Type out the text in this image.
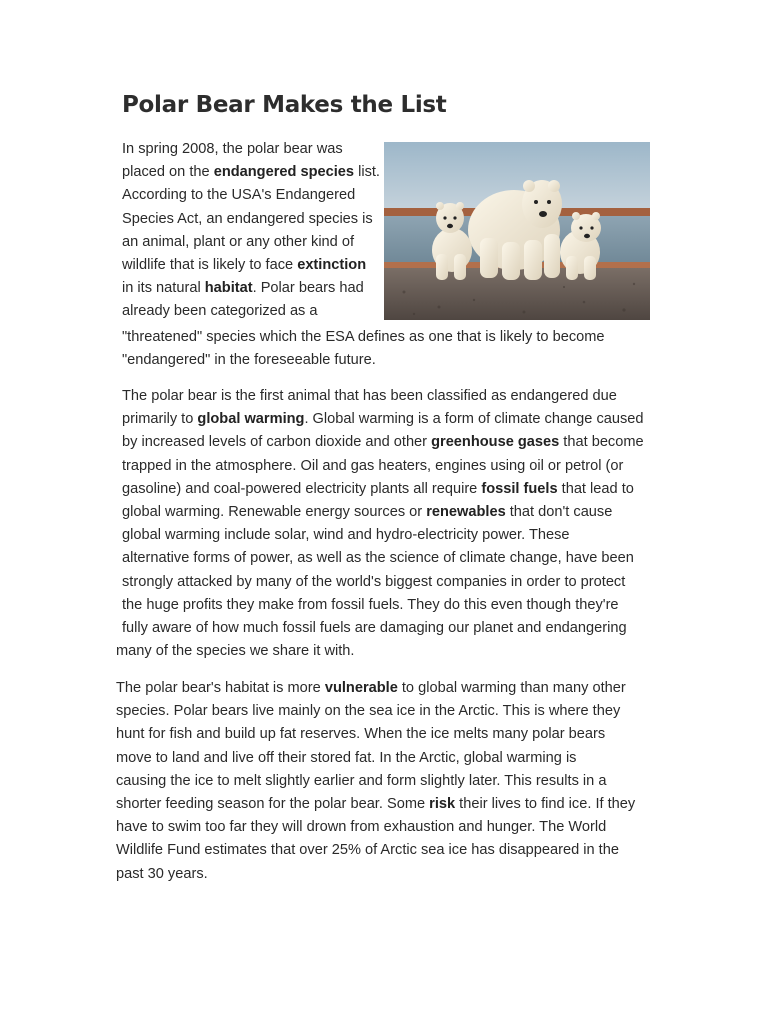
Polar Bear Makes the List
In spring 2008, the polar bear was
placed on the endangered species list.
According to the USA's Endangered
Species Act, an endangered species is
an animal, plant or any other kind of
wildlife that is likely to face extinction
in its natural habitat. Polar bears had
already been categorized as a
"threatened" species which the ESA defines as one that is likely to become
"endangered" in the foreseeable future.
The polar bear is the first animal that has been classified as endangered due
primarily to global warming. Global warming is a form of climate change caused
by increased levels of carbon dioxide and other greenhouse gases that become
trapped in the atmosphere. Oil and gas heaters, engines using oil or petrol (or
gasoline) and coal-powered electricity plants all require fossil fuels that lead to
global warming. Renewable energy sources or renewables that don't cause
global warming include solar, wind and hydro-electricity power. These
alternative forms of power, as well as the science of climate change, have been
strongly attacked by many of the world's biggest companies in order to protect
the huge profits they make from fossil fuels. They do this even though they're
fully aware of how much fossil fuels are damaging our planet and endangering
many of the species we share it with.
The polar bear's habitat is more vulnerable to global warming than many other
species. Polar bears live mainly on the sea ice in the Arctic. This is where they
hunt for fish and build up fat reserves. When the ice melts many polar bears
move to land and live off their stored fat. In the Arctic, global warming is
causing the ice to melt slightly earlier and form slightly later. This results in a
shorter feeding season for the polar bear. Some risk their lives to find ice. If they
have to swim too far they will drown from exhaustion and hunger. The World
Wildlife Fund estimates that over 25% of Arctic sea ice has disappeared in the
past 30 years.
